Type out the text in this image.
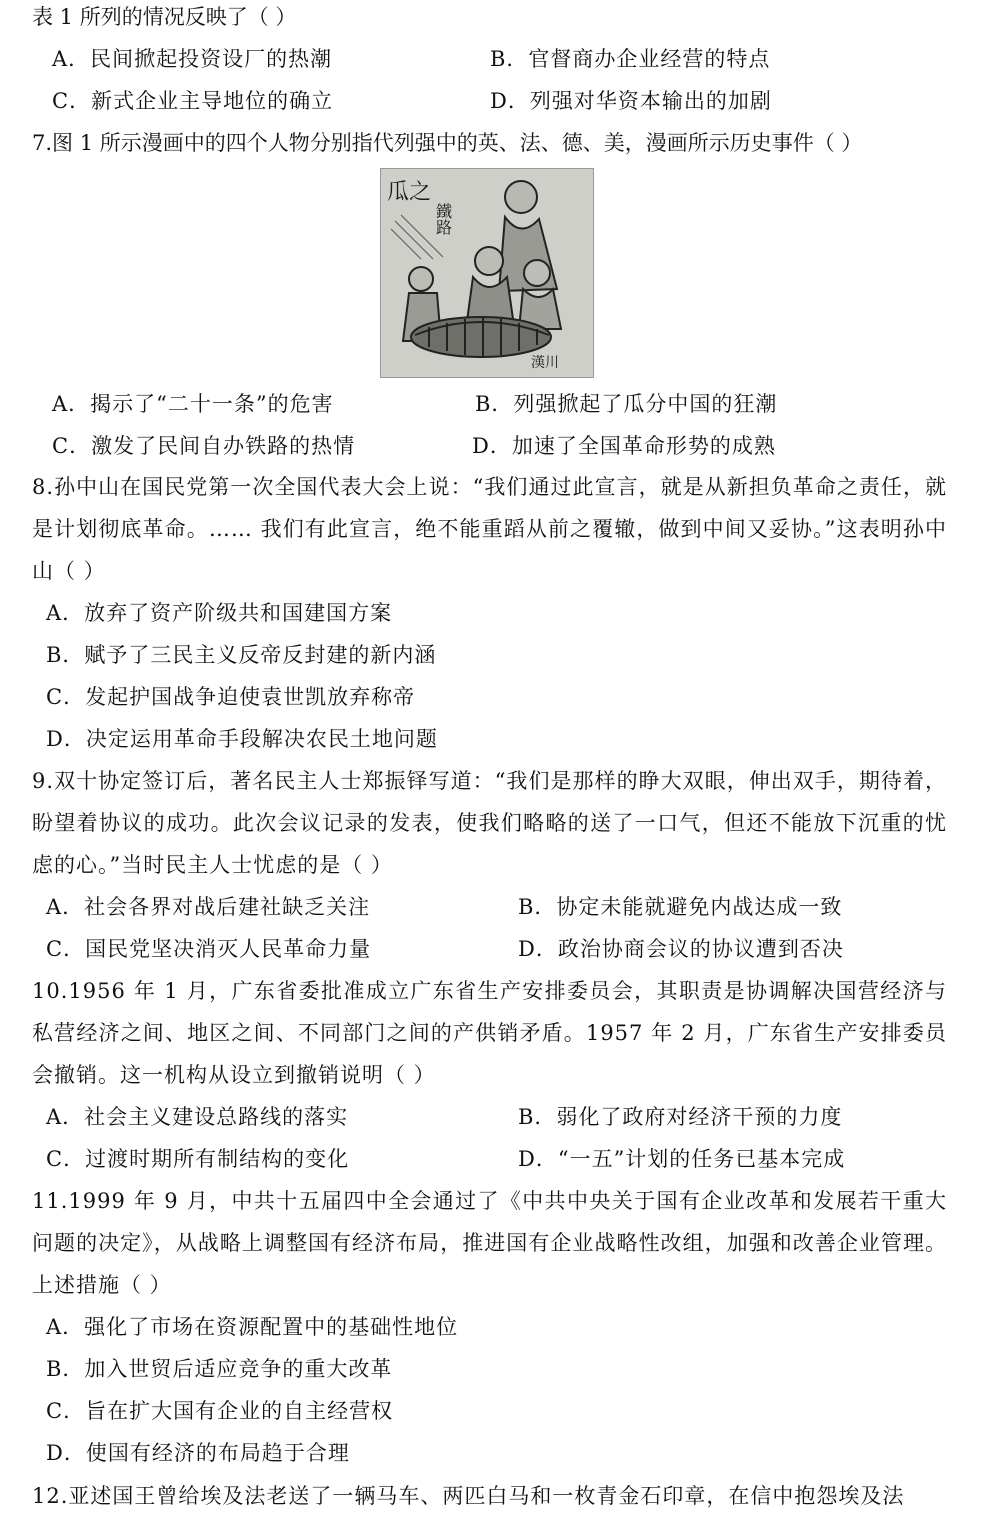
表 1 所列的情况反映了（ ）
A．民间掀起投资设厂的热潮	B．官督商办企业经营的特点
C．新式企业主导地位的确立	D．列强对华资本输出的加剧
7.图 1 所示漫画中的四个人物分别指代列强中的英、法、德、美，漫画所示历史事件（ ）
瓜之
鐵路
漢川
A．揭示了“二十一条”的危害	B．列强掀起了瓜分中国的狂潮
C．激发了民间自办铁路的热情	D．加速了全国革命形势的成熟
8.孙中山在国民党第一次全国代表大会上说：“我们通过此宣言，就是从新担负革命之责任，就是计划彻底革命。…… 我们有此宣言，绝不能重蹈从前之覆辙，做到中间又妥协。”这表明孙中山（ ）
A．放弃了资产阶级共和国建国方案
B．赋予了三民主义反帝反封建的新内涵
C．发起护国战争迫使袁世凯放弃称帝
D．决定运用革命手段解决农民土地问题
9.双十协定签订后，著名民主人士郑振铎写道：“我们是那样的睁大双眼，伸出双手，期待着，盼望着协议的成功。此次会议记录的发表，使我们略略的送了一口气，但还不能放下沉重的忧虑的心。”当时民主人士忧虑的是（ ）
A．社会各界对战后建社缺乏关注	B．协定未能就避免内战达成一致
C．国民党坚决消灭人民革命力量	D．政治协商会议的协议遭到否决
10.1956 年 1 月，广东省委批准成立广东省生产安排委员会，其职责是协调解决国营经济与私营经济之间、地区之间、不同部门之间的产供销矛盾。1957 年 2 月，广东省生产安排委员会撤销。这一机构从设立到撤销说明（ ）
A．社会主义建设总路线的落实	B．弱化了政府对经济干预的力度
C．过渡时期所有制结构的变化	D．“一五”计划的任务已基本完成
11.1999 年 9 月，中共十五届四中全会通过了《中共中央关于国有企业改革和发展若干重大问题的决定》，从战略上调整国有经济布局，推进国有企业战略性改组，加强和改善企业管理。上述措施（ ）
A．强化了市场在资源配置中的基础性地位
B．加入世贸后适应竞争的重大改革
C．旨在扩大国有企业的自主经营权
D．使国有经济的布局趋于合理
12.亚述国王曾给埃及法老送了一辆马车、两匹白马和一枚青金石印章，在信中抱怨埃及法
